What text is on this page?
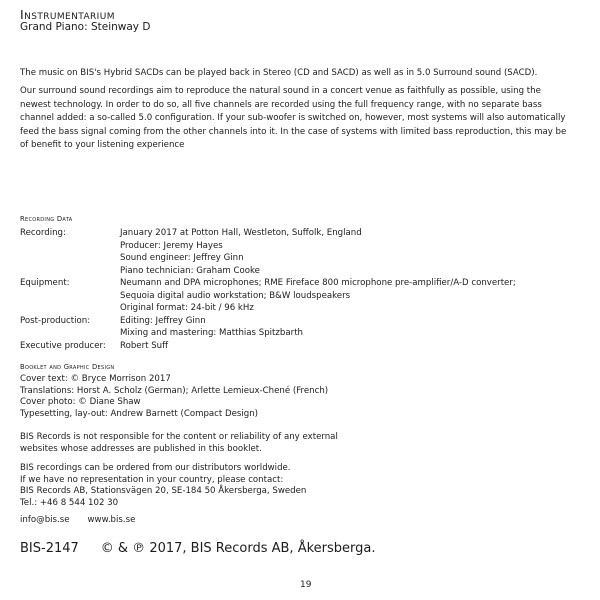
Instrumentarium
Grand Piano: Steinway D

The music on BIS's Hybrid SACDs can be played back in Stereo (CD and SACD) as well as in 5.0 Surround sound (SACD).

Our surround sound recordings aim to reproduce the natural sound in a concert venue as faithfully as possible, using the newest technology. In order to do so, all five channels are recorded using the full frequency range, with no separate bass channel added: a so-called 5.0 configuration. If your sub-woofer is switched on, however, most systems will also automatically feed the bass signal coming from the other channels into it. In the case of systems with limited bass reproduction, this may be of benefit to your listening experience

Recording Data
Recording:	January 2017 at Potton Hall, Westleton, Suffolk, England
Producer: Jeremy Hayes
Sound engineer: Jeffrey Ginn
Piano technician: Graham Cooke
Equipment:	Neumann and DPA microphones; RME Fireface 800 microphone pre-amplifier/A-D converter;
Sequoia digital audio workstation; B&W loudspeakers
Original format: 24-bit / 96 kHz
Post-production:	Editing: Jeffrey Ginn
Mixing and mastering: Matthias Spitzbarth
Executive producer:	Robert Suff
Booklet and Graphic Design
Cover text: © Bryce Morrison 2017
Translations: Horst A. Scholz (German); Arlette Lemieux-Chené (French)
Cover photo: © Diane Shaw
Typesetting, lay-out: Andrew Barnett (Compact Design)
BIS Records is not responsible for the content or reliability of any external websites whose addresses are published in this booklet.
BIS recordings can be ordered from our distributors worldwide.
If we have no representation in your country, please contact:
BIS Records AB, Stationsvägen 20, SE-184 50 Åkersberga, Sweden
Tel.: +46 8 544 102 30
info@bis.se www.bis.se
BIS-2147 © & ℗ 2017, BIS Records AB, Åkersberga.
19
